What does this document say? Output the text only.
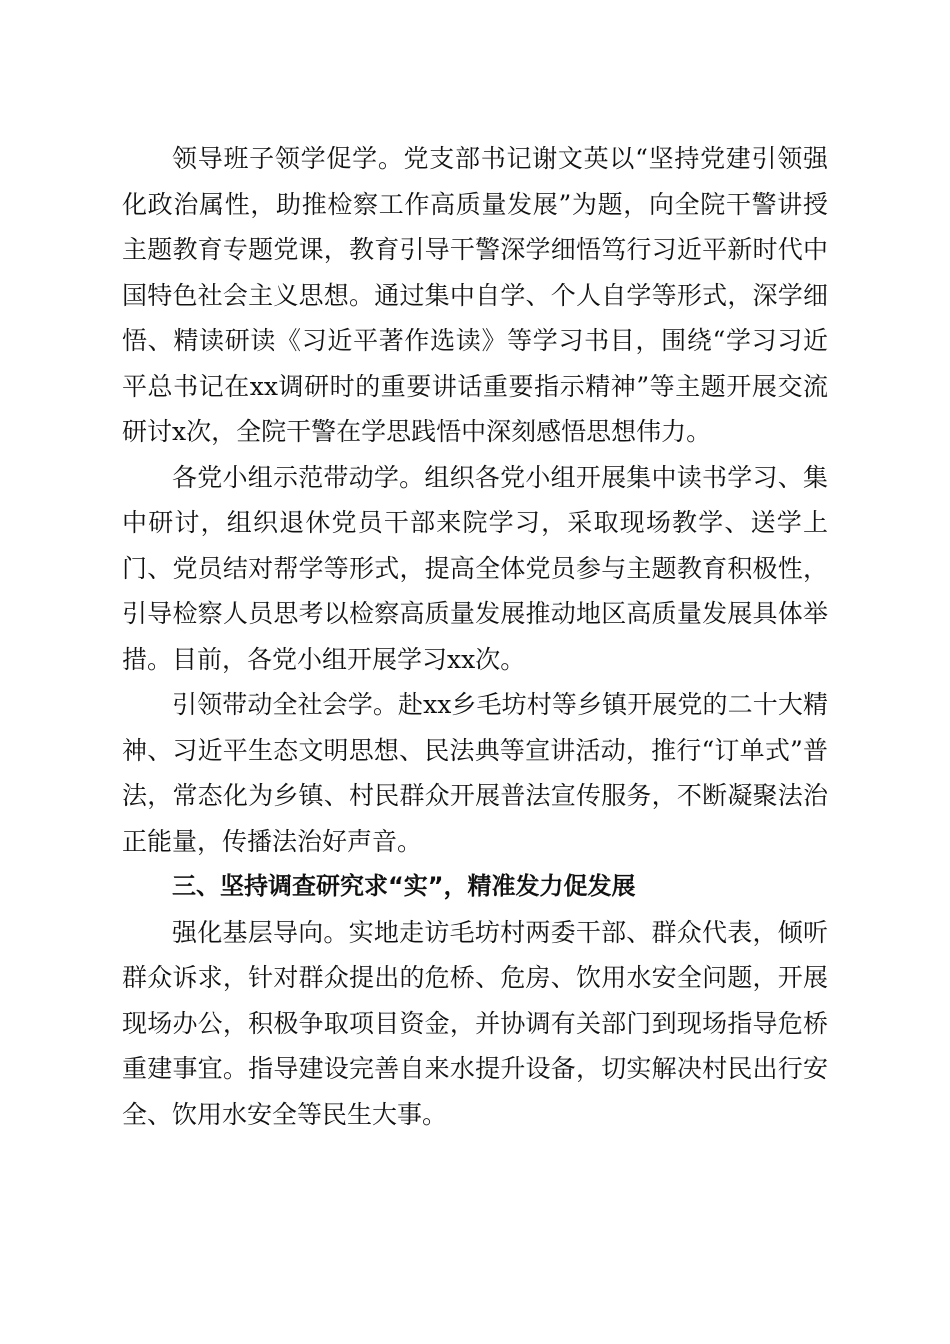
领导班子领学促学。党支部书记谢文英以“坚持党建引领强化政治属性，助推检察工作高质量发展”为题，向全院干警讲授主题教育专题党课，教育引导干警深学细悟笃行习近平新时代中国特色社会主义思想。通过集中自学、个人自学等形式，深学细悟、精读研读《习近平著作选读》等学习书目，围绕“学习习近平总书记在xx调研时的重要讲话重要指示精神”等主题开展交流研讨x次，全院干警在学思践悟中深刻感悟思想伟力。

各党小组示范带动学。组织各党小组开展集中读书学习、集中研讨，组织退休党员干部来院学习，采取现场教学、送学上门、党员结对帮学等形式，提高全体党员参与主题教育积极性，引导检察人员思考以检察高质量发展推动地区高质量发展具体举措。目前，各党小组开展学习xx次。

引领带动全社会学。赴xx乡毛坊村等乡镇开展党的二十大精神、习近平生态文明思想、民法典等宣讲活动，推行“订单式”普法，常态化为乡镇、村民群众开展普法宣传服务，不断凝聚法治正能量，传播法治好声音。

三、坚持调查研究求“实”，精准发力促发展

强化基层导向。实地走访毛坊村两委干部、群众代表，倾听群众诉求，针对群众提出的危桥、危房、饮用水安全问题，开展现场办公，积极争取项目资金，并协调有关部门到现场指导危桥重建事宜。指导建设完善自来水提升设备，切实解决村民出行安全、饮用水安全等民生大事。
